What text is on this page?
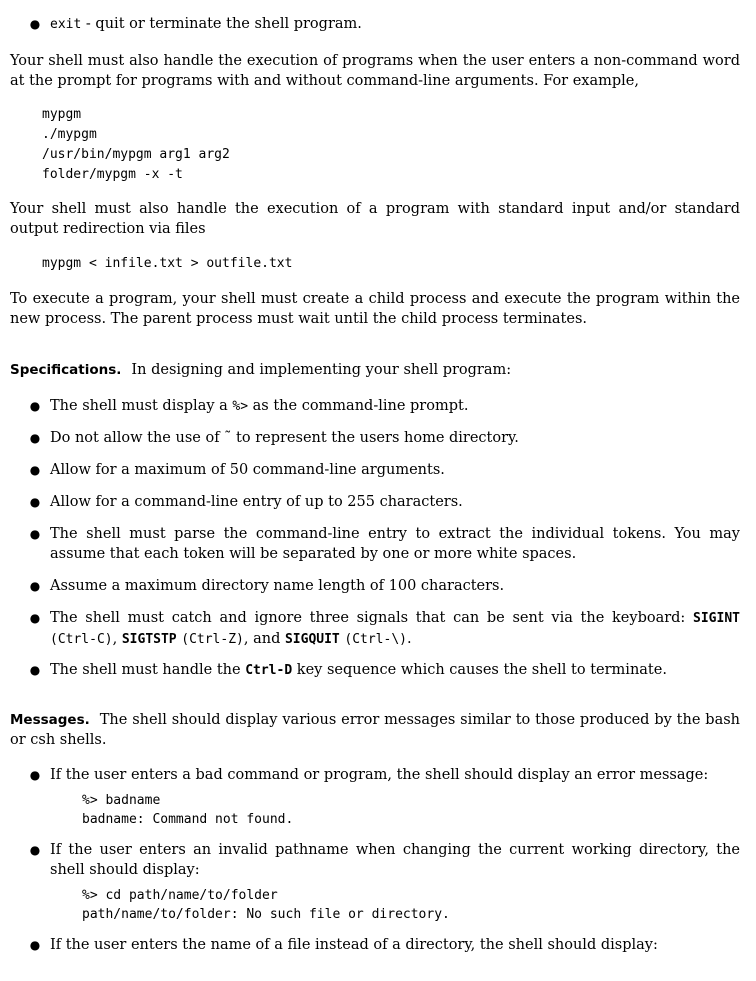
● exit - quit or terminate the shell program.
Your shell must also handle the execution of programs when the user enters a non-command word at the prompt for programs with and without command-line arguments. For example,
mypgm
./mypgm
/usr/bin/mypgm arg1 arg2
folder/mypgm -x -t
Your shell must also handle the execution of a program with standard input and/or standard output redirection via files
mypgm < infile.txt > outfile.txt
To execute a program, your shell must create a child process and execute the program within the new process. The parent process must wait until the child process terminates.
Specifications. In designing and implementing your shell program:
● The shell must display a %> as the command-line prompt.
● Do not allow the use of ˜ to represent the users home directory.
● Allow for a maximum of 50 command-line arguments.
● Allow for a command-line entry of up to 255 characters.
● The shell must parse the command-line entry to extract the individual tokens. You may assume that each token will be separated by one or more white spaces.
● Assume a maximum directory name length of 100 characters.
● The shell must catch and ignore three signals that can be sent via the keyboard: SIGINT (Ctrl-C), SIGTSTP (Ctrl-Z), and SIGQUIT (Ctrl-\).
● The shell must handle the Ctrl-D key sequence which causes the shell to terminate.
Messages. The shell should display various error messages similar to those produced by the bash or csh shells.
● If the user enters a bad command or program, the shell should display an error message:
%> badname
badname: Command not found.
● If the user enters an invalid pathname when changing the current working directory, the shell should display:
%> cd path/name/to/folder
path/name/to/folder: No such file or directory.
● If the user enters the name of a file instead of a directory, the shell should display:
